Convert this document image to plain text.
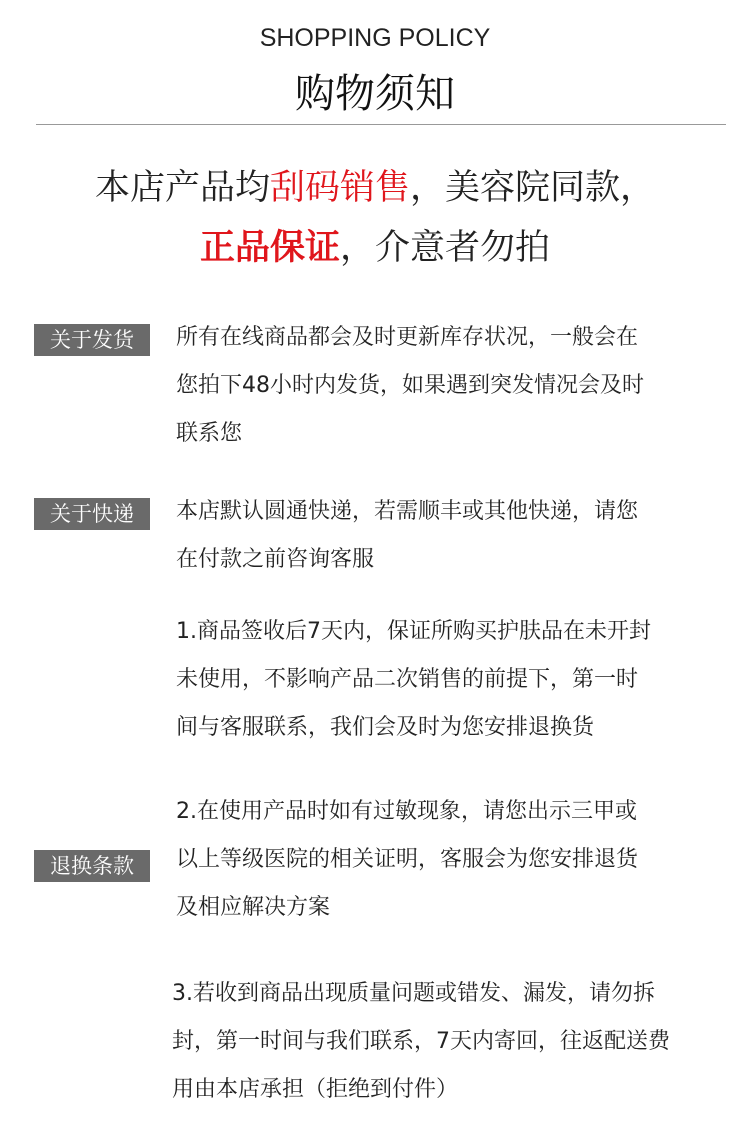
SHOPPING POLICY
购物须知
本店产品均刮码销售，美容院同款，
正品保证，介意者勿拍
关于发货	所有在线商品都会及时更新库存状况，一般会在
您拍下48小时内发货，如果遇到突发情况会及时
联系您
关于快递	本店默认圆通快递，若需顺丰或其他快递，请您
在付款之前咨询客服
1.商品签收后7天内，保证所购买护肤品在未开封
未使用，不影响产品二次销售的前提下，第一时
间与客服联系，我们会及时为您安排退换货
退换条款
2.在使用产品时如有过敏现象，请您出示三甲或
以上等级医院的相关证明，客服会为您安排退货
及相应解决方案
3.若收到商品出现质量问题或错发、漏发，请勿拆
封，第一时间与我们联系，7天内寄回，往返配送费
用由本店承担（拒绝到付件）
